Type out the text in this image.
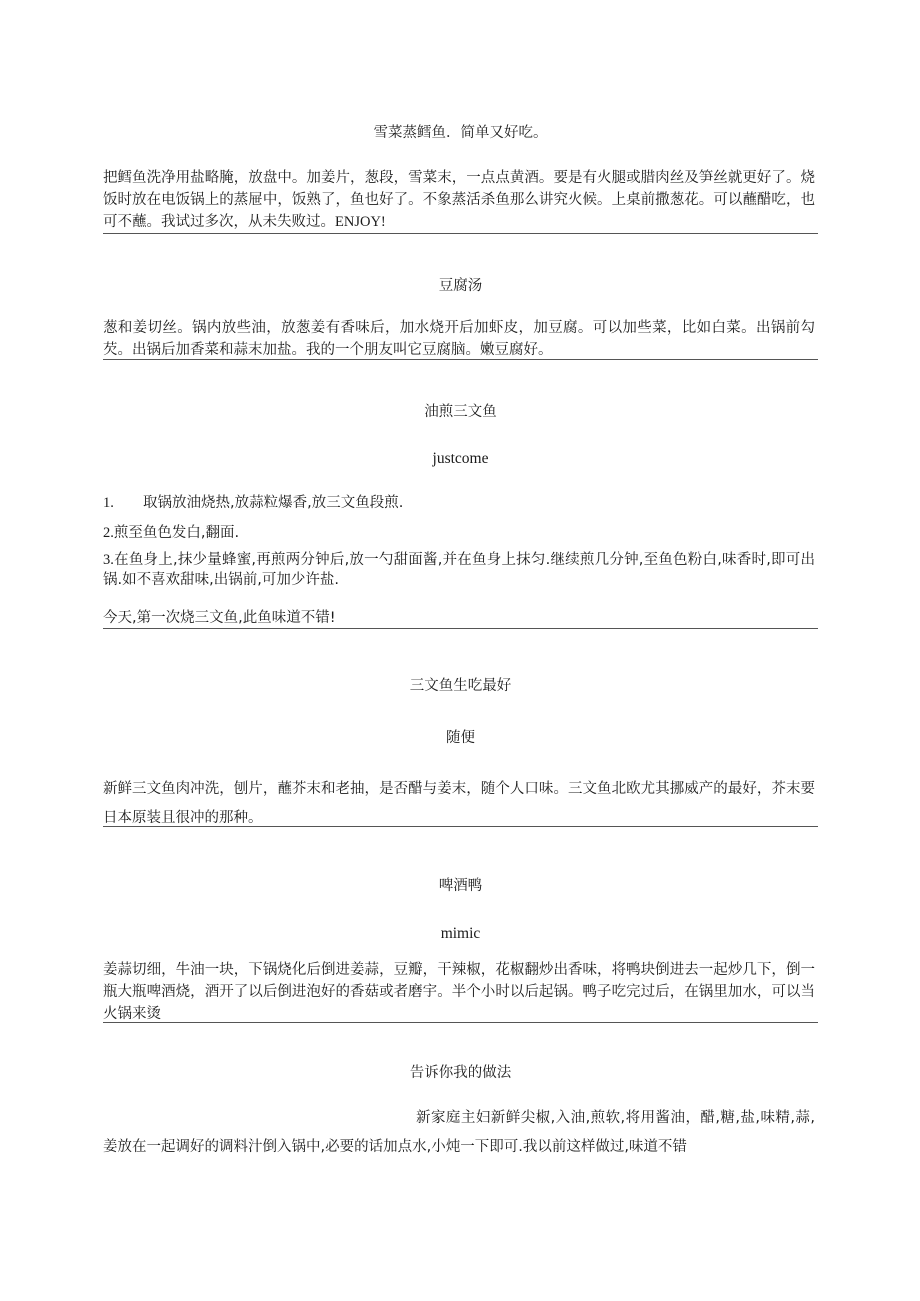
雪菜蒸鳕鱼．简单又好吃。
把鳕鱼洗净用盐略腌，放盘中。加姜片，葱段，雪菜末，一点点黄酒。要是有火腿或腊肉丝及笋丝就更好了。烧饭时放在电饭锅上的蒸屉中，饭熟了，鱼也好了。不象蒸活杀鱼那么讲究火候。上桌前撒葱花。可以蘸醋吃，也可不蘸。我试过多次，从未失败过。ENJOY!
豆腐汤
葱和姜切丝。锅内放些油，放葱姜有香味后，加水烧开后加虾皮，加豆腐。可以加些菜，比如白菜。出锅前勾芡。出锅后加香菜和蒜末加盐。我的一个朋友叫它豆腐脑。嫩豆腐好。
油煎三文鱼
justcome
1. 取锅放油烧热,放蒜粒爆香,放三文鱼段煎.
2.煎至鱼色发白,翻面.
3.在鱼身上,抹少量蜂蜜,再煎两分钟后,放一勺甜面酱,并在鱼身上抹匀.继续煎几分钟,至鱼色粉白,味香时,即可出锅.如不喜欢甜味,出锅前,可加少许盐.
今天,第一次烧三文鱼,此鱼味道不错!
三文鱼生吃最好
随便
新鲜三文鱼肉冲洗，刨片，蘸芥末和老抽，是否醋与姜末，随个人口味。三文鱼北欧尤其挪威产的最好，芥末要日本原装且很冲的那种。
啤酒鸭
mimic
姜蒜切细，牛油一块，下锅烧化后倒进姜蒜，豆瓣，干辣椒，花椒翻炒出香味，将鸭块倒进去一起炒几下，倒一瓶大瓶啤酒烧，酒开了以后倒进泡好的香菇或者磨宇。半个小时以后起锅。鸭子吃完过后，在锅里加水，可以当火锅来烫
告诉你我的做法
新家庭主妇新鲜尖椒,入油,煎软,将用酱油，醋,糖,盐,味精,蒜,姜放在一起调好的调料汁倒入锅中,必要的话加点水,小炖一下即可.我以前这样做过,味道不错
